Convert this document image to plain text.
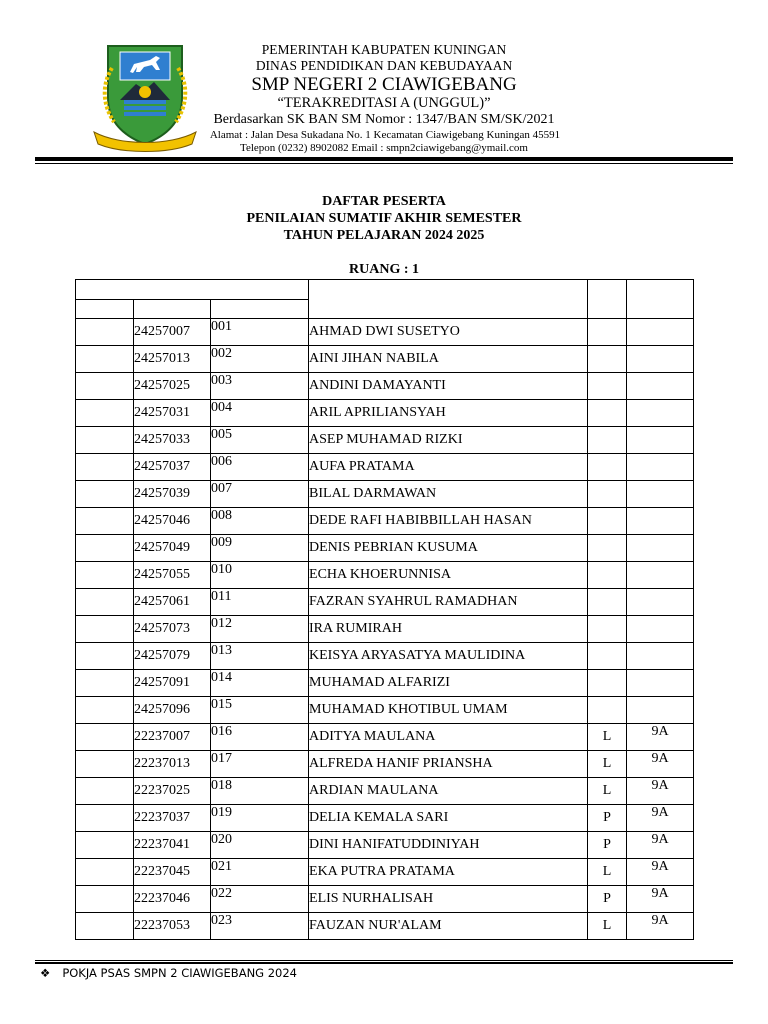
PEMERINTAH KABUPATEN KUNINGAN
DINAS PENDIDIKAN DAN KEBUDAYAAN
SMP NEGERI 2 CIAWIGEBANG
“TERAKREDITASI A (UNGGUL)”
Berdasarkan SK BAN SM Nomor : 1347/BAN SM/SK/2021
Alamat : Jalan Desa Sukadana No. 1 Kecamatan Ciawigebang Kuningan 45591
Telepon (0232) 8902082 Email : smpn2ciawigebang@ymail.com
DAFTAR PESERTA
PENILAIAN SUMATIF AKHIR SEMESTER
TAHUN PELAJARAN 2024 2025
RUANG : 1

	24257007	001	AHMAD DWI SUSETYO		
	24257013	002	AINI JIHAN NABILA		
	24257025	003	ANDINI DAMAYANTI		
	24257031	004	ARIL APRILIANSYAH		
	24257033	005	ASEP MUHAMAD RIZKI		
	24257037	006	AUFA PRATAMA		
	24257039	007	BILAL DARMAWAN		
	24257046	008	DEDE RAFI HABIBBILLAH HASAN		
	24257049	009	DENIS PEBRIAN KUSUMA		
	24257055	010	ECHA KHOERUNNISA		
	24257061	011	FAZRAN SYAHRUL RAMADHAN		
	24257073	012	IRA RUMIRAH		
	24257079	013	KEISYA ARYASATYA MAULIDINA		
	24257091	014	MUHAMAD ALFARIZI		
	24257096	015	MUHAMAD KHOTIBUL UMAM		
	22237007	016	ADITYA MAULANA	L	9A
	22237013	017	ALFREDA HANIF PRIANSHA	L	9A
	22237025	018	ARDIAN MAULANA	L	9A
	22237037	019	DELIA KEMALA SARI	P	9A
	22237041	020	DINI HANIFATUDDINIYAH	P	9A
	22237045	021	EKA PUTRA PRATAMA	L	9A
	22237046	022	ELIS NURHALISAH	P	9A
	22237053	023	FAUZAN NUR'ALAM	L	9A
❖ POKJA PSAS SMPN 2 CIAWIGEBANG 2024
